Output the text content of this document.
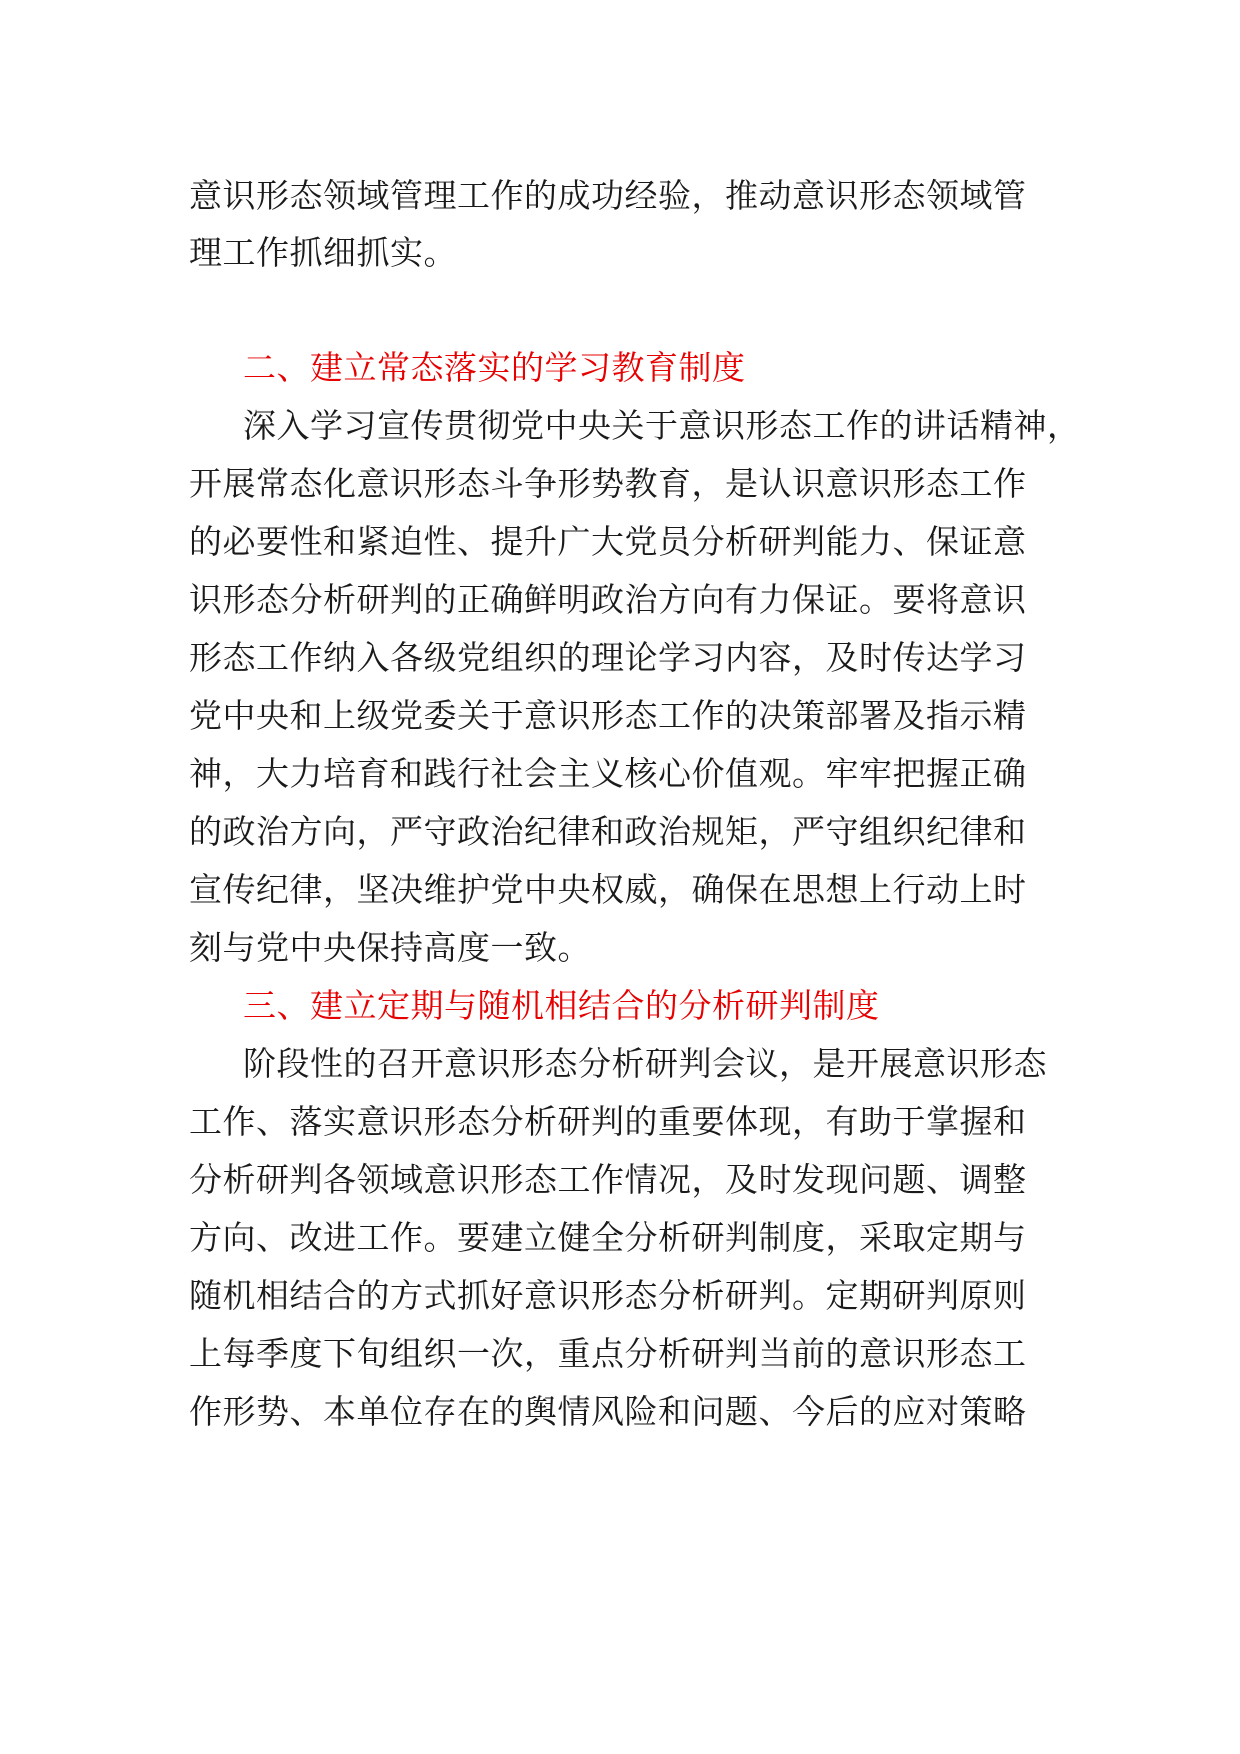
意识形态领域管理工作的成功经验，推动意识形态领域管
理工作抓细抓实。
二、建立常态落实的学习教育制度
深入学习宣传贯彻党中央关于意识形态工作的讲话精神，
开展常态化意识形态斗争形势教育，是认识意识形态工作
的必要性和紧迫性、提升广大党员分析研判能力、保证意
识形态分析研判的正确鲜明政治方向有力保证。要将意识
形态工作纳入各级党组织的理论学习内容，及时传达学习
党中央和上级党委关于意识形态工作的决策部署及指示精
神，大力培育和践行社会主义核心价值观。牢牢把握正确
的政治方向，严守政治纪律和政治规矩，严守组织纪律和
宣传纪律，坚决维护党中央权威，确保在思想上行动上时
刻与党中央保持高度一致。
三、建立定期与随机相结合的分析研判制度
阶段性的召开意识形态分析研判会议，是开展意识形态
工作、落实意识形态分析研判的重要体现，有助于掌握和
分析研判各领域意识形态工作情况，及时发现问题、调整
方向、改进工作。要建立健全分析研判制度，采取定期与
随机相结合的方式抓好意识形态分析研判。定期研判原则
上每季度下旬组织一次，重点分析研判当前的意识形态工
作形势、本单位存在的舆情风险和问题、今后的应对策略
